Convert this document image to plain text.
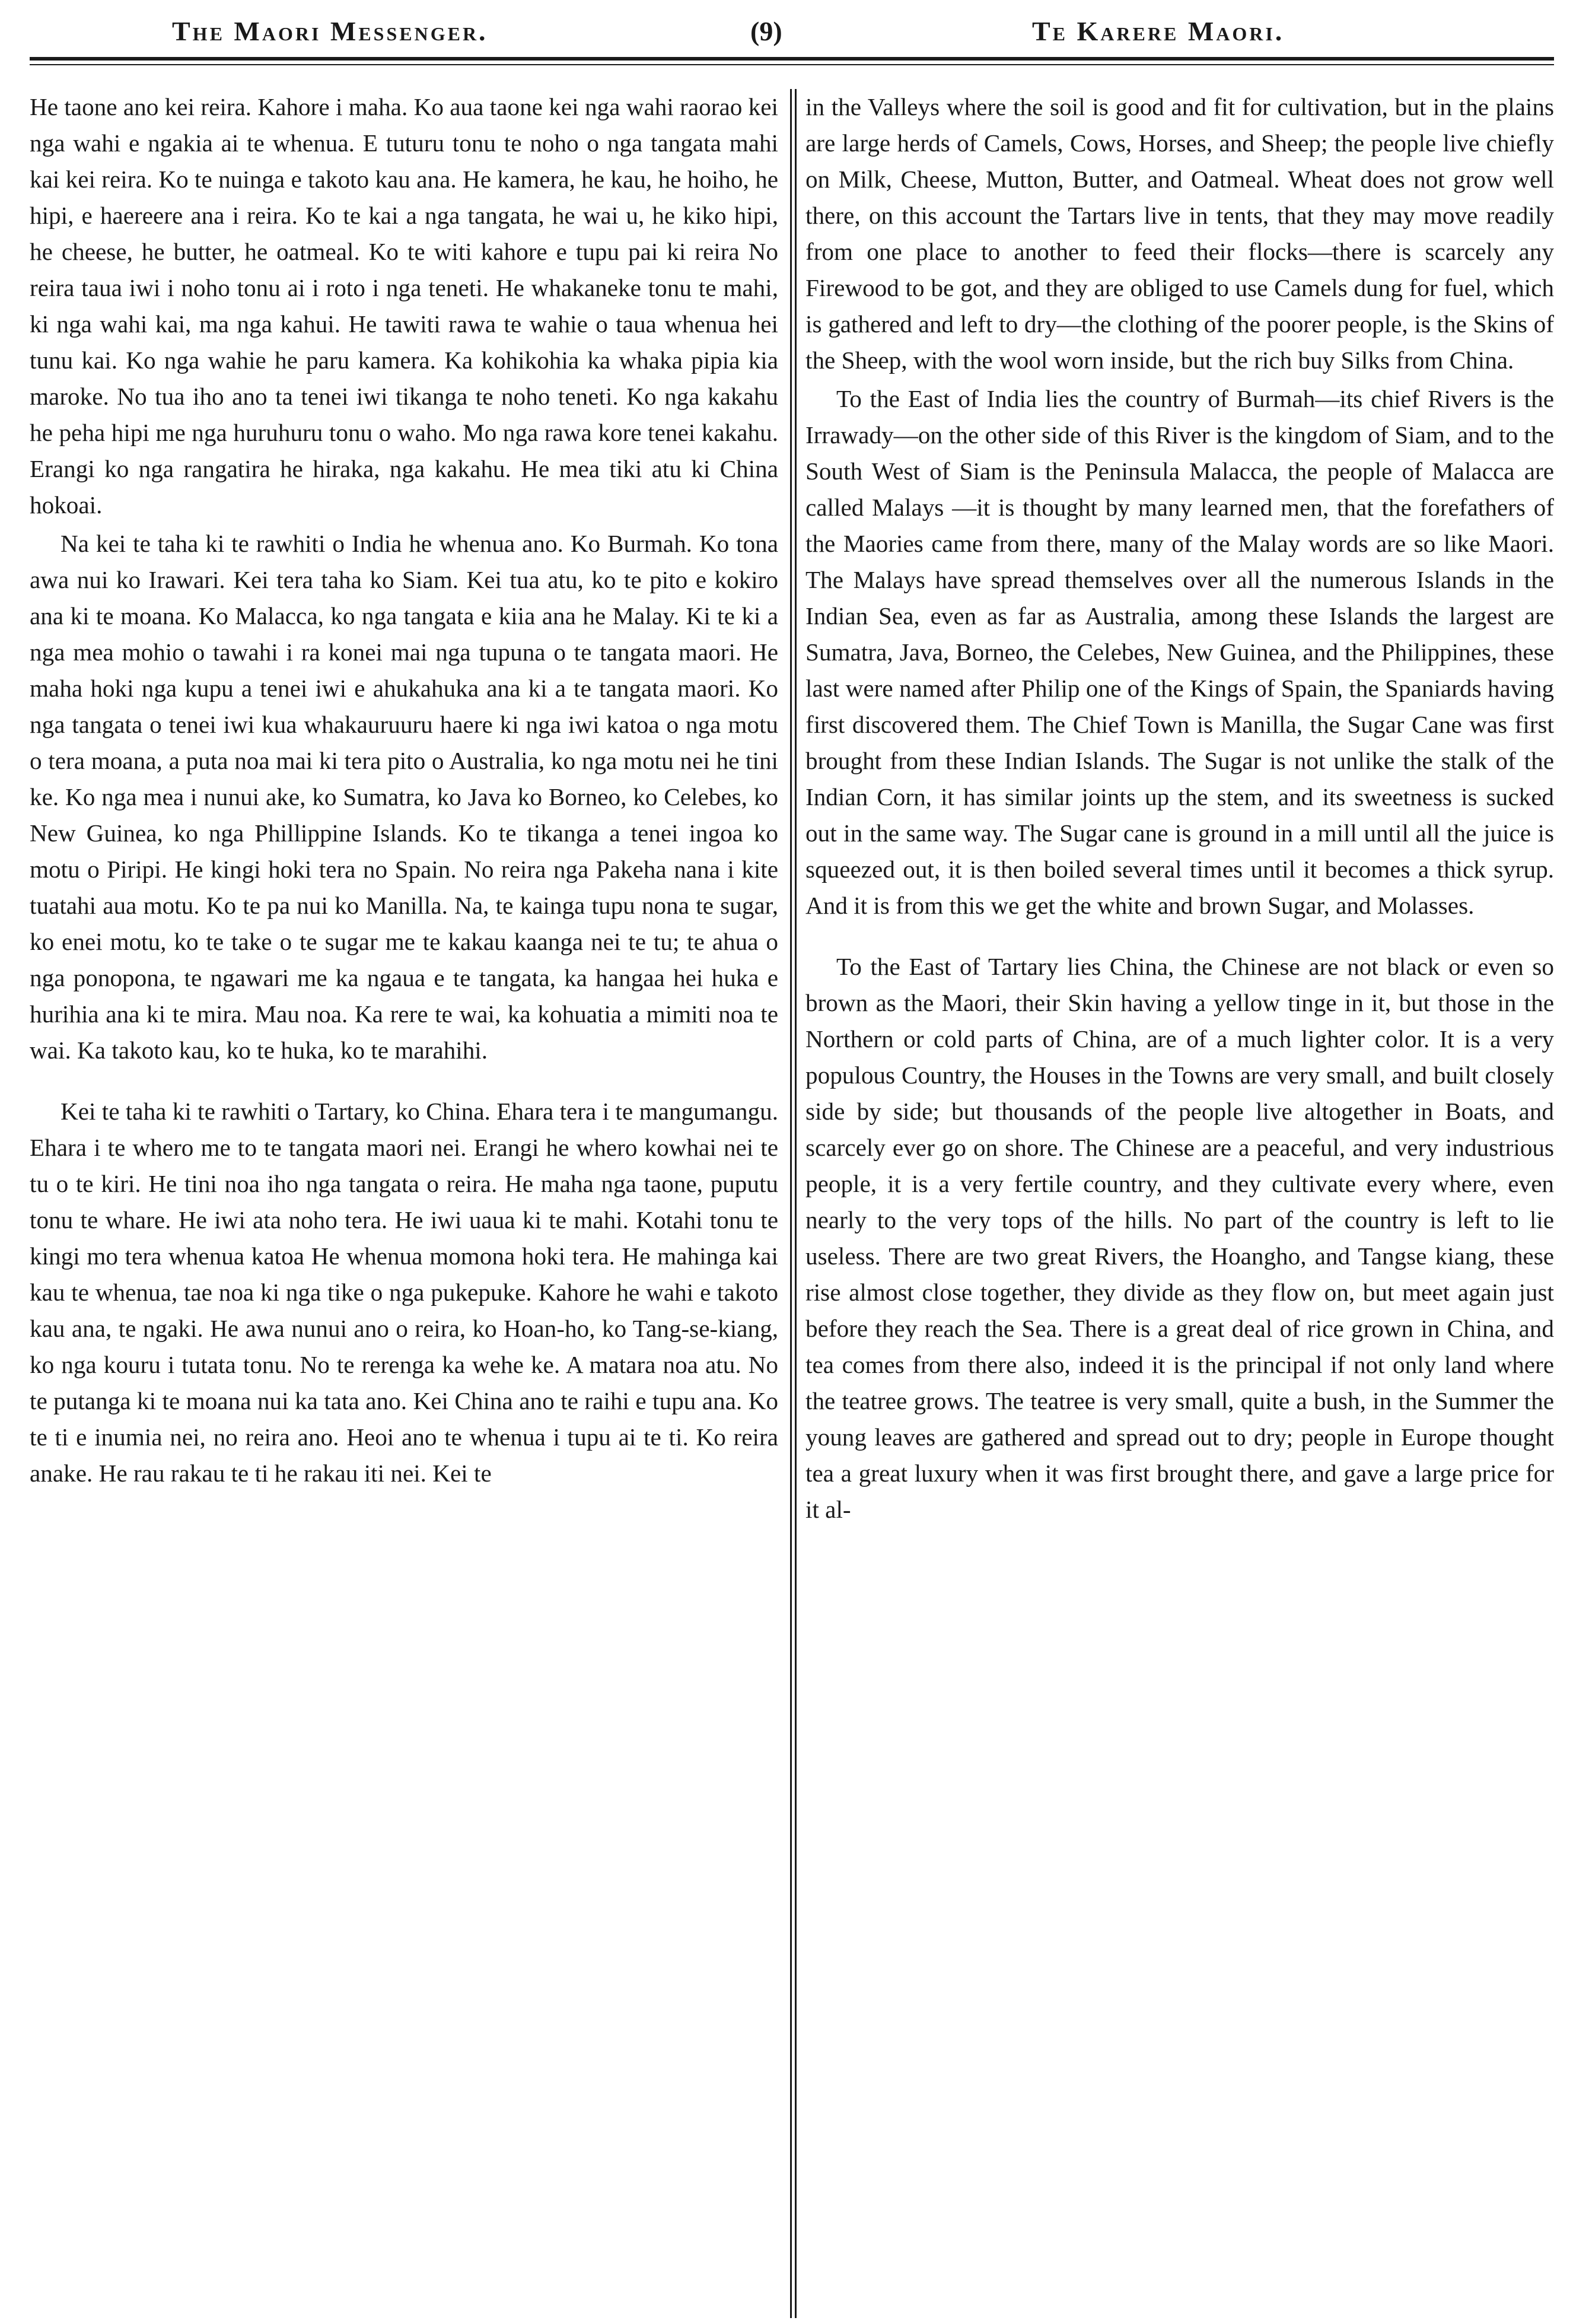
The Maori Messenger.	(9)	Te Karere Maori.

He taone ano kei reira. Kahore i maha. Ko aua taone kei nga wahi raorao kei nga wahi e ngakia ai te whenua. E tuturu tonu te noho o nga tangata mahi kai kei reira. Ko te nuinga e takoto kau ana. He kamera, he kau, he hoiho, he hipi, e haereere ana i reira. Ko te kai a nga tangata, he wai u, he kiko hipi, he cheese, he butter, he oatmeal. Ko te witi kahore e tupu pai ki reira No reira taua iwi i noho tonu ai i roto i nga teneti. He whakaneke tonu te mahi, ki nga wahi kai, ma nga kahui. He tawiti rawa te wahie o taua whenua hei tunu kai. Ko nga wahie he paru kamera. Ka kohikohia ka whaka pipia kia maroke. No tua iho ano ta tenei iwi tikanga te noho teneti. Ko nga kakahu he peha hipi me nga huruhuru tonu o waho. Mo nga rawa kore tenei kakahu. Erangi ko nga rangatira he hiraka, nga kakahu. He mea tiki atu ki China hokoai.

Na kei te taha ki te rawhiti o India he whenua ano. Ko Burmah. Ko tona awa nui ko Irawari. Kei tera taha ko Siam. Kei tua atu, ko te pito e kokiro ana ki te moana. Ko Malacca, ko nga tangata e kiia ana he Malay. Ki te ki a nga mea mohio o tawahi i ra konei mai nga tupuna o te tangata maori. He maha hoki nga kupu a tenei iwi e ahukahuka ana ki a te tangata maori. Ko nga tangata o tenei iwi kua whakauruuru haere ki nga iwi katoa o nga motu o tera moana, a puta noa mai ki tera pito o Australia, ko nga motu nei he tini ke. Ko nga mea i nunui ake, ko Sumatra, ko Java ko Borneo, ko Celebes, ko New Guinea, ko nga Phillippine Islands. Ko te tikanga a tenei ingoa ko motu o Piripi. He kingi hoki tera no Spain. No reira nga Pakeha nana i kite tuatahi aua motu. Ko te pa nui ko Manilla. Na, te kainga tupu nona te sugar, ko enei motu, ko te take o te sugar me te kakau kaanga nei te tu; te ahua o nga ponopona, te ngawari me ka ngaua e te tangata, ka hangaa hei huka e hurihia ana ki te mira. Mau noa. Ka rere te wai, ka kohuatia a mimiti noa te wai. Ka takoto kau, ko te huka, ko te marahihi.

Kei te taha ki te rawhiti o Tartary, ko China. Ehara tera i te mangumangu. Ehara i te whero me to te tangata maori nei. Erangi he whero kowhai nei te tu o te kiri. He tini noa iho nga tangata o reira. He maha nga taone, puputu tonu te whare. He iwi ata noho tera. He iwi uaua ki te mahi. Kotahi tonu te kingi mo tera whenua katoa He whenua momona hoki tera. He mahinga kai kau te whenua, tae noa ki nga tike o nga pukepuke. Kahore he wahi e takoto kau ana, te ngaki. He awa nunui ano o reira, ko Hoan-ho, ko Tang-se-kiang, ko nga kouru i tutata tonu. No te rerenga ka wehe ke. A matara noa atu. No te putanga ki te moana nui ka tata ano. Kei China ano te raihi e tupu ana. Ko te ti e inumia nei, no reira ano. Heoi ano te whenua i tupu ai te ti. Ko reira anake. He rau rakau te ti he rakau iti nei. Kei te

in the Valleys where the soil is good and fit for cultivation, but in the plains are large herds of Camels, Cows, Horses, and Sheep; the people live chiefly on Milk, Cheese, Mutton, Butter, and Oatmeal. Wheat does not grow well there, on this account the Tartars live in tents, that they may move readily from one place to another to feed their flocks—there is scarcely any Firewood to be got, and they are obliged to use Camels dung for fuel, which is gathered and left to dry—the clothing of the poorer people, is the Skins of the Sheep, with the wool worn inside, but the rich buy Silks from China.

To the East of India lies the country of Burmah—its chief Rivers is the Irrawady—on the other side of this River is the kingdom of Siam, and to the South West of Siam is the Peninsula Malacca, the people of Malacca are called Malays —it is thought by many learned men, that the forefathers of the Maories came from there, many of the Malay words are so like Maori. The Malays have spread themselves over all the numerous Islands in the Indian Sea, even as far as Australia, among these Islands the largest are Sumatra, Java, Borneo, the Celebes, New Guinea, and the Philippines, these last were named after Philip one of the Kings of Spain, the Spaniards having first discovered them. The Chief Town is Manilla, the Sugar Cane was first brought from these Indian Islands. The Sugar is not unlike the stalk of the Indian Corn, it has similar joints up the stem, and its sweetness is sucked out in the same way. The Sugar cane is ground in a mill until all the juice is squeezed out, it is then boiled several times until it becomes a thick syrup. And it is from this we get the white and brown Sugar, and Molasses.

To the East of Tartary lies China, the Chinese are not black or even so brown as the Maori, their Skin having a yellow tinge in it, but those in the Northern or cold parts of China, are of a much lighter color. It is a very populous Country, the Houses in the Towns are very small, and built closely side by side; but thousands of the people live altogether in Boats, and scarcely ever go on shore. The Chinese are a peaceful, and very industrious people, it is a very fertile country, and they cultivate every where, even nearly to the very tops of the hills. No part of the country is left to lie useless. There are two great Rivers, the Hoangho, and Tangse kiang, these rise almost close together, they divide as they flow on, but meet again just before they reach the Sea. There is a great deal of rice grown in China, and tea comes from there also, indeed it is the principal if not only land where the teatree grows. The teatree is very small, quite a bush, in the Summer the young leaves are gathered and spread out to dry; people in Europe thought tea a great luxury when it was first brought there, and gave a large price for it al-
